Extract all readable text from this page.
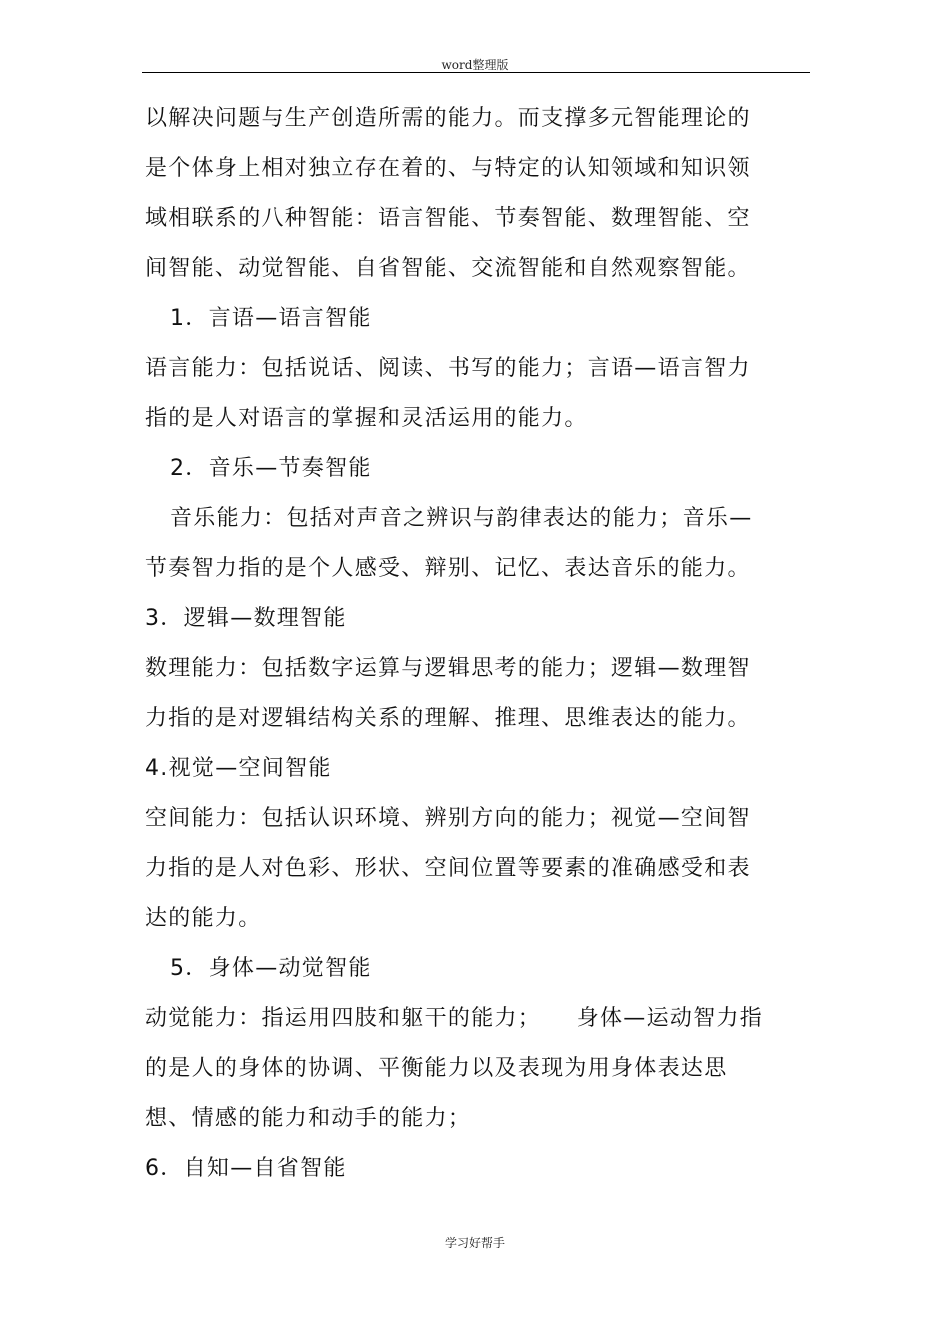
word整理版
以解决问题与生产创造所需的能力。而支撑多元智能理论的
是个体身上相对独立存在着的、与特定的认知领域和知识领
域相联系的八种智能：语言智能、节奏智能、数理智能、空
间智能、动觉智能、自省智能、交流智能和自然观察智能。
1．言语—语言智能
语言能力：包括说话、阅读、书写的能力；言语—语言智力
指的是人对语言的掌握和灵活运用的能力。
2．音乐—节奏智能
音乐能力：包括对声音之辨识与韵律表达的能力；音乐—
节奏智力指的是个人感受、辩别、记忆、表达音乐的能力。
3．逻辑—数理智能
数理能力：包括数字运算与逻辑思考的能力；逻辑—数理智
力指的是对逻辑结构关系的理解、推理、思维表达的能力。
4.视觉—空间智能
空间能力：包括认识环境、辨别方向的能力；视觉—空间智
力指的是人对色彩、形状、空间位置等要素的准确感受和表
达的能力。
5．身体—动觉智能
动觉能力：指运用四肢和躯干的能力；　　身体—运动智力指
的是人的身体的协调、平衡能力以及表现为用身体表达思
想、情感的能力和动手的能力；
6．自知—自省智能
学习好帮手
